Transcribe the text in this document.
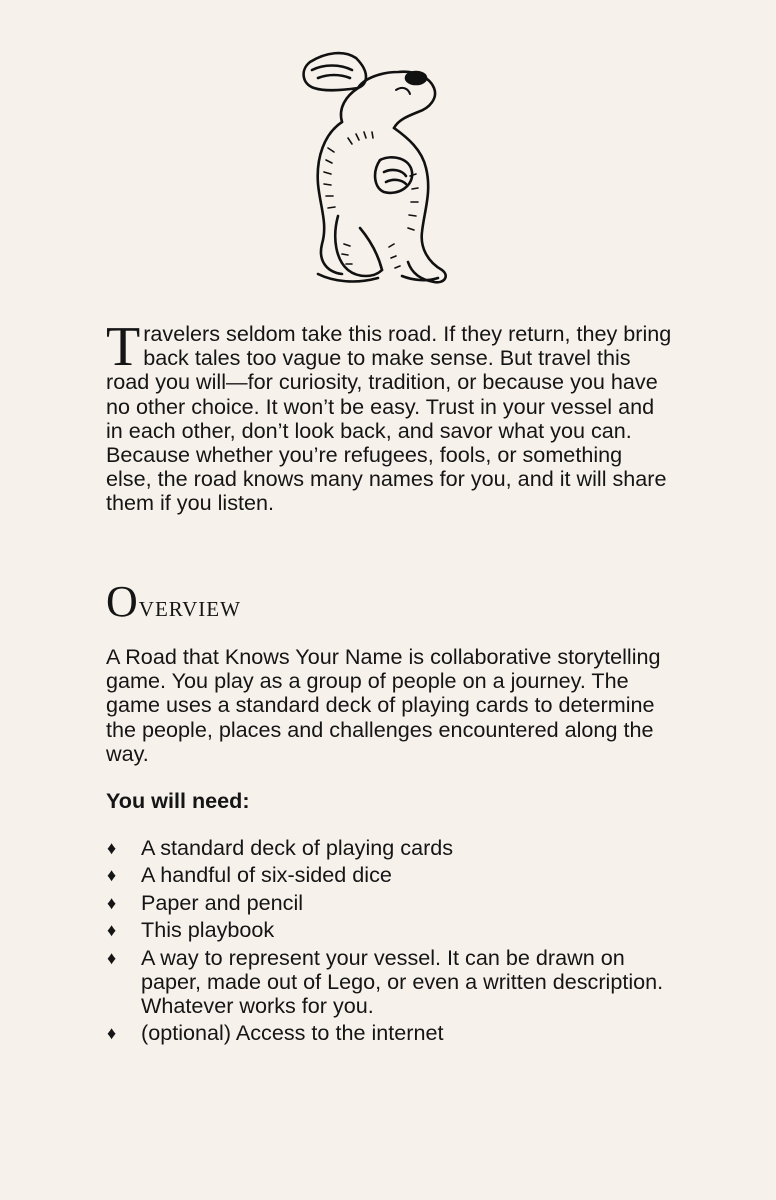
Travelers seldom take this road. If they return, they bring back tales too vague to make sense. But travel this road you will—for curiosity, tradition, or because you have no other choice. It won’t be easy. Trust in your vessel and in each other, don’t look back, and savor what you can. Because whether you’re refugees, fools, or something else, the road knows many names for you, and it will share them if you listen.

Overview

A Road that Knows Your Name is collaborative storytelling game. You play as a group of people on a journey. The game uses a standard deck of playing cards to determine the people, places and challenges encountered along the way.

You will need:

♦ A standard deck of playing cards
♦ A handful of six-sided dice
♦ Paper and pencil
♦ This playbook
♦ A way to represent your vessel. It can be drawn on paper, made out of Lego, or even a written description. Whatever works for you.
♦ (optional) Access to the internet
